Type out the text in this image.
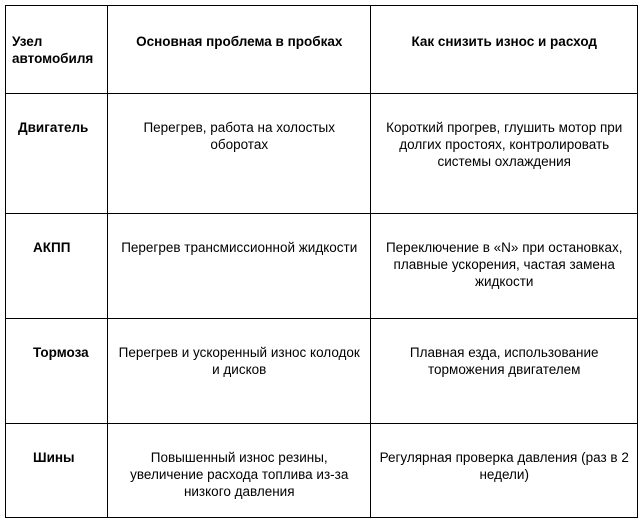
Узел автомобиля	Основная проблема в пробках	Как снизить износ и расход
Двигатель	Перегрев, работа на холостых оборотах	Короткий прогрев, глушить мотор при долгих простоях, контролировать системы охлаждения
АКПП	Перегрев трансмиссионной жидкости	Переключение в «N» при остановках, плавные ускорения, частая замена жидкости
Тормоза	Перегрев и ускоренный износ колодок и дисков	Плавная езда, использование торможения двигателем
Шины	Повышенный износ резины, увеличение расхода топлива из-за низкого давления	Регулярная проверка давления (раз в 2 недели)
